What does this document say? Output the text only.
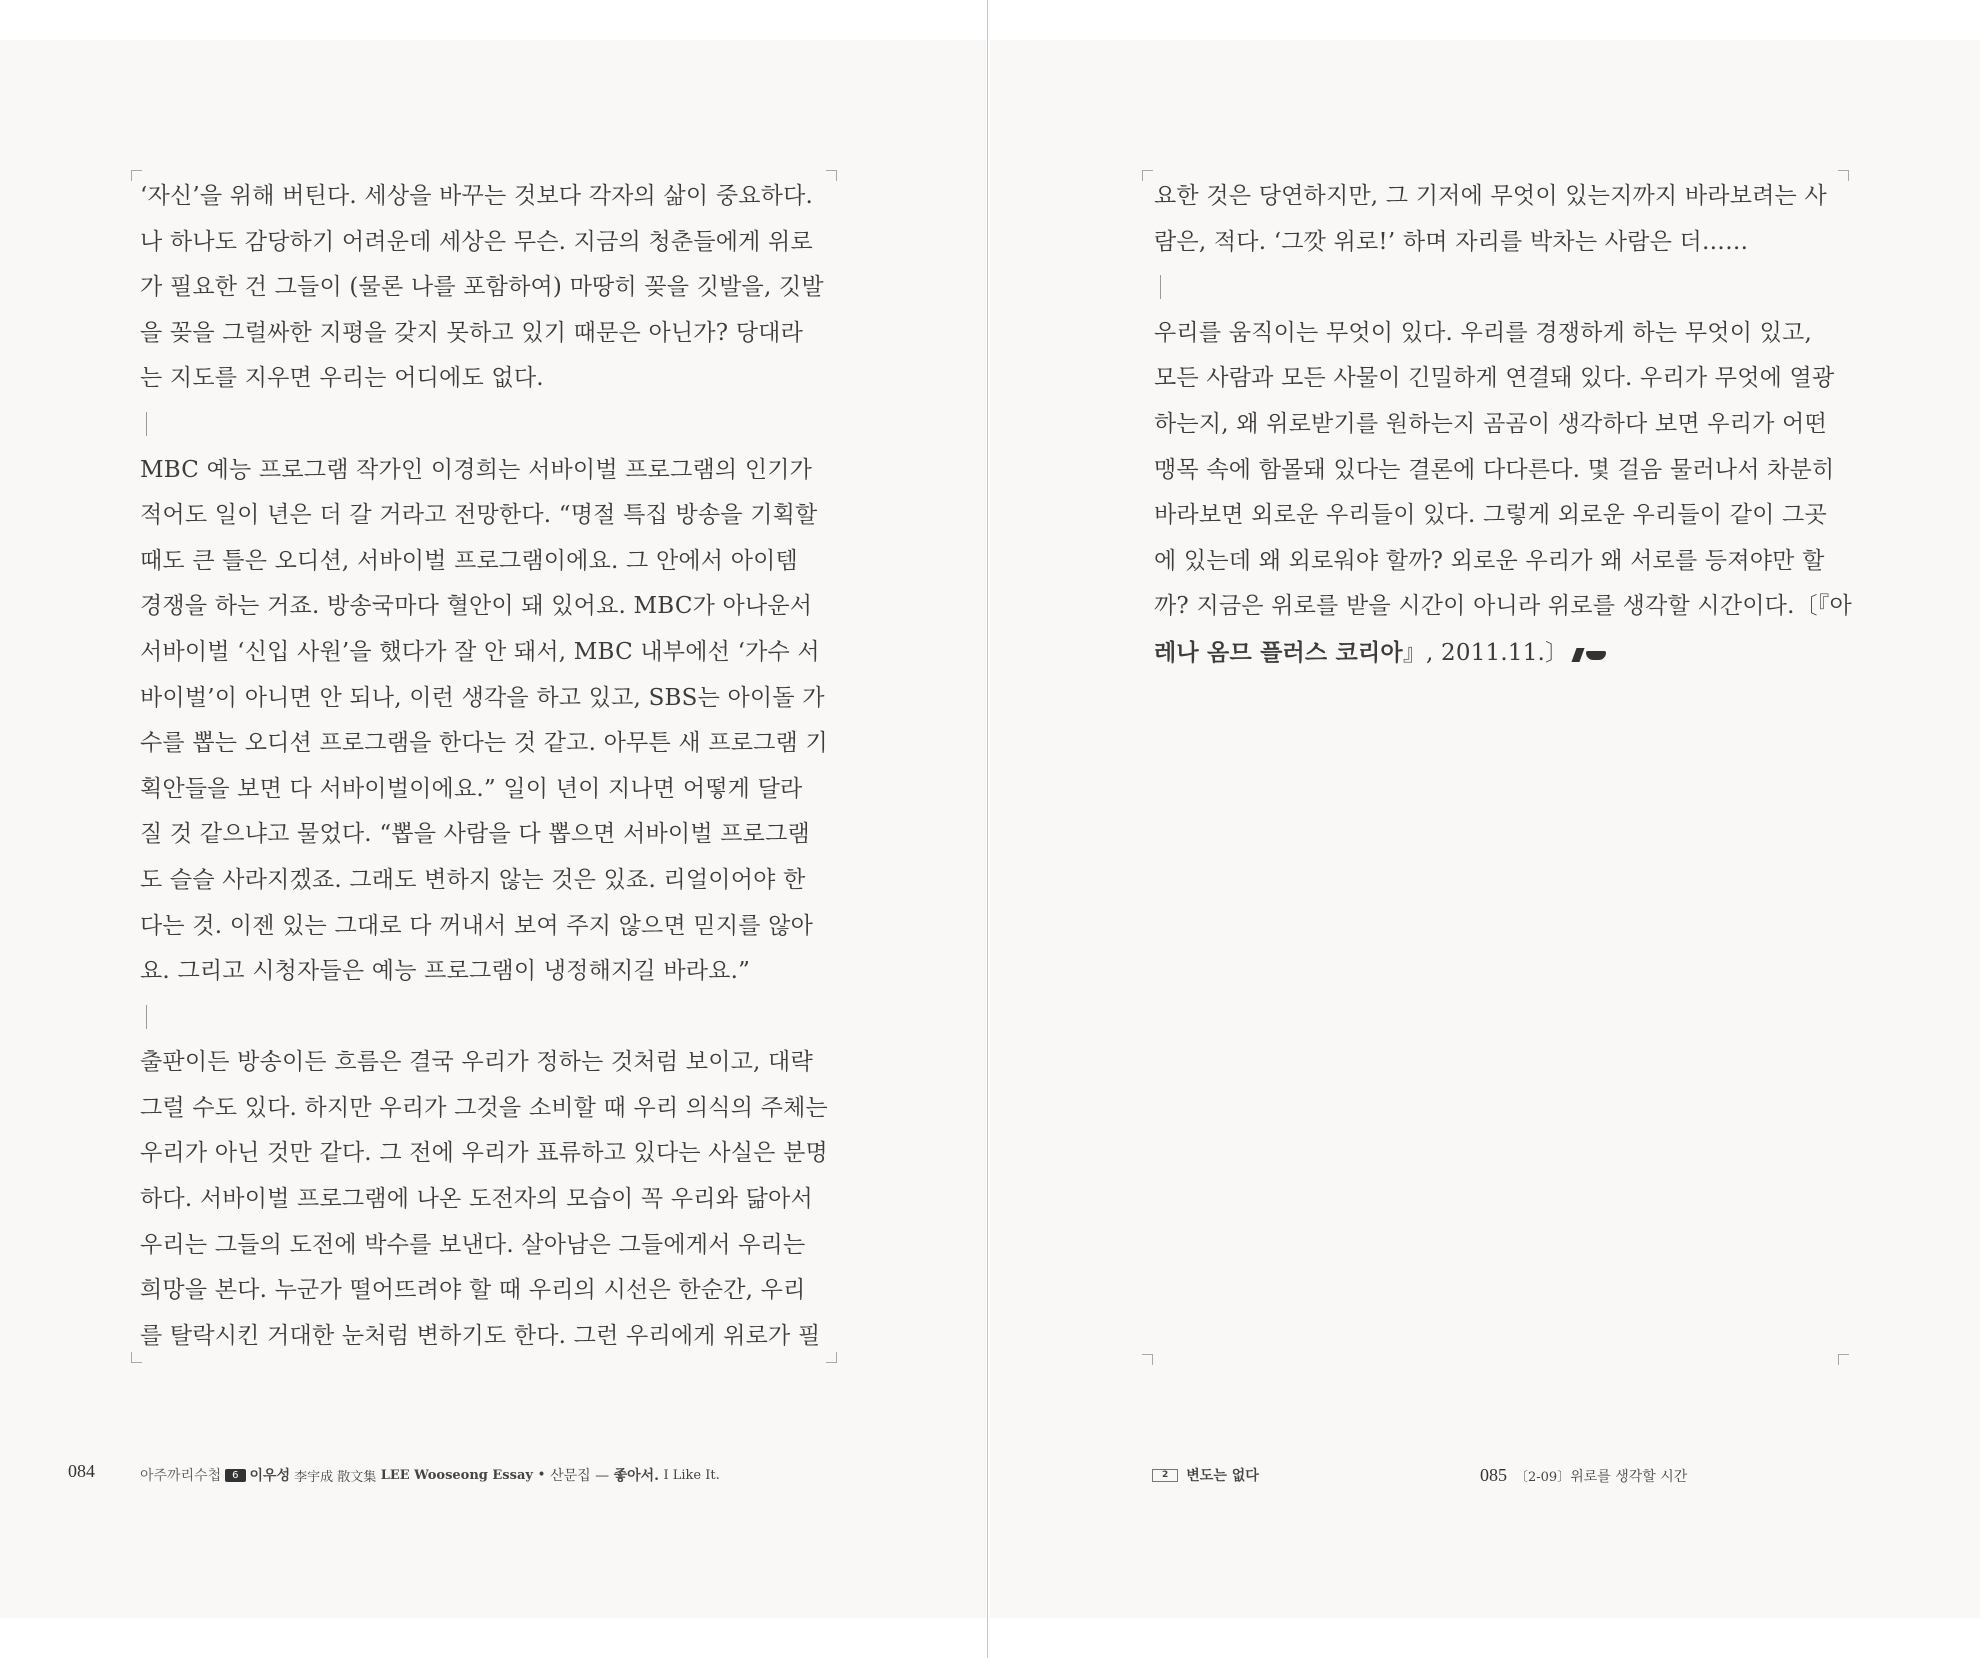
‘자신’을 위해 버틴다. 세상을 바꾸는 것보다 각자의 삶이 중요하다.
나 하나도 감당하기 어려운데 세상은 무슨. 지금의 청춘들에게 위로
가 필요한 건 그들이 (물론 나를 포함하여) 마땅히 꽂을 깃발을, 깃발
을 꽂을 그럴싸한 지평을 갖지 못하고 있기 때문은 아닌가? 당대라
는 지도를 지우면 우리는 어디에도 없다.
MBC 예능 프로그램 작가인 이경희는 서바이벌 프로그램의 인기가
적어도 일이 년은 더 갈 거라고 전망한다. “명절 특집 방송을 기획할
때도 큰 틀은 오디션, 서바이벌 프로그램이에요. 그 안에서 아이템
경쟁을 하는 거죠. 방송국마다 혈안이 돼 있어요. MBC가 아나운서
서바이벌 ‘신입 사원’을 했다가 잘 안 돼서, MBC 내부에선 ‘가수 서
바이벌’이 아니면 안 되나, 이런 생각을 하고 있고, SBS는 아이돌 가
수를 뽑는 오디션 프로그램을 한다는 것 같고. 아무튼 새 프로그램 기
획안들을 보면 다 서바이벌이에요.” 일이 년이 지나면 어떻게 달라
질 것 같으냐고 물었다. “뽑을 사람을 다 뽑으면 서바이벌 프로그램
도 슬슬 사라지겠죠. 그래도 변하지 않는 것은 있죠. 리얼이어야 한
다는 것. 이젠 있는 그대로 다 꺼내서 보여 주지 않으면 믿지를 않아
요. 그리고 시청자들은 예능 프로그램이 냉정해지길 바라요.”
출판이든 방송이든 흐름은 결국 우리가 정하는 것처럼 보이고, 대략
그럴 수도 있다. 하지만 우리가 그것을 소비할 때 우리 의식의 주체는
우리가 아닌 것만 같다. 그 전에 우리가 표류하고 있다는 사실은 분명
하다. 서바이벌 프로그램에 나온 도전자의 모습이 꼭 우리와 닮아서
우리는 그들의 도전에 박수를 보낸다. 살아남은 그들에게서 우리는
희망을 본다. 누군가 떨어뜨려야 할 때 우리의 시선은 한순간, 우리
를 탈락시킨 거대한 눈처럼 변하기도 한다. 그런 우리에게 위로가 필
요한 것은 당연하지만, 그 기저에 무엇이 있는지까지 바라보려는 사
람은, 적다. ‘그깟 위로!’ 하며 자리를 박차는 사람은 더……
우리를 움직이는 무엇이 있다. 우리를 경쟁하게 하는 무엇이 있고,
모든 사람과 모든 사물이 긴밀하게 연결돼 있다. 우리가 무엇에 열광
하는지, 왜 위로받기를 원하는지 곰곰이 생각하다 보면 우리가 어떤
맹목 속에 함몰돼 있다는 결론에 다다른다. 몇 걸음 물러나서 차분히
바라보면 외로운 우리들이 있다. 그렇게 외로운 우리들이 같이 그곳
에 있는데 왜 외로워야 할까? 외로운 우리가 왜 서로를 등져야만 할
까? 지금은 위로를 받을 시간이 아니라 위로를 생각할 시간이다.〔『아
레나 옴므 플러스 코리아』, 2011.11.〕
084	아주까리수첩	6 이우성 李宇成 散文集
LEE Wooseong Essay
•
산문집 —
좋아서.
I Like It.	2	변도는 없다	085 〔2-09〕 위로를 생각할 시간
